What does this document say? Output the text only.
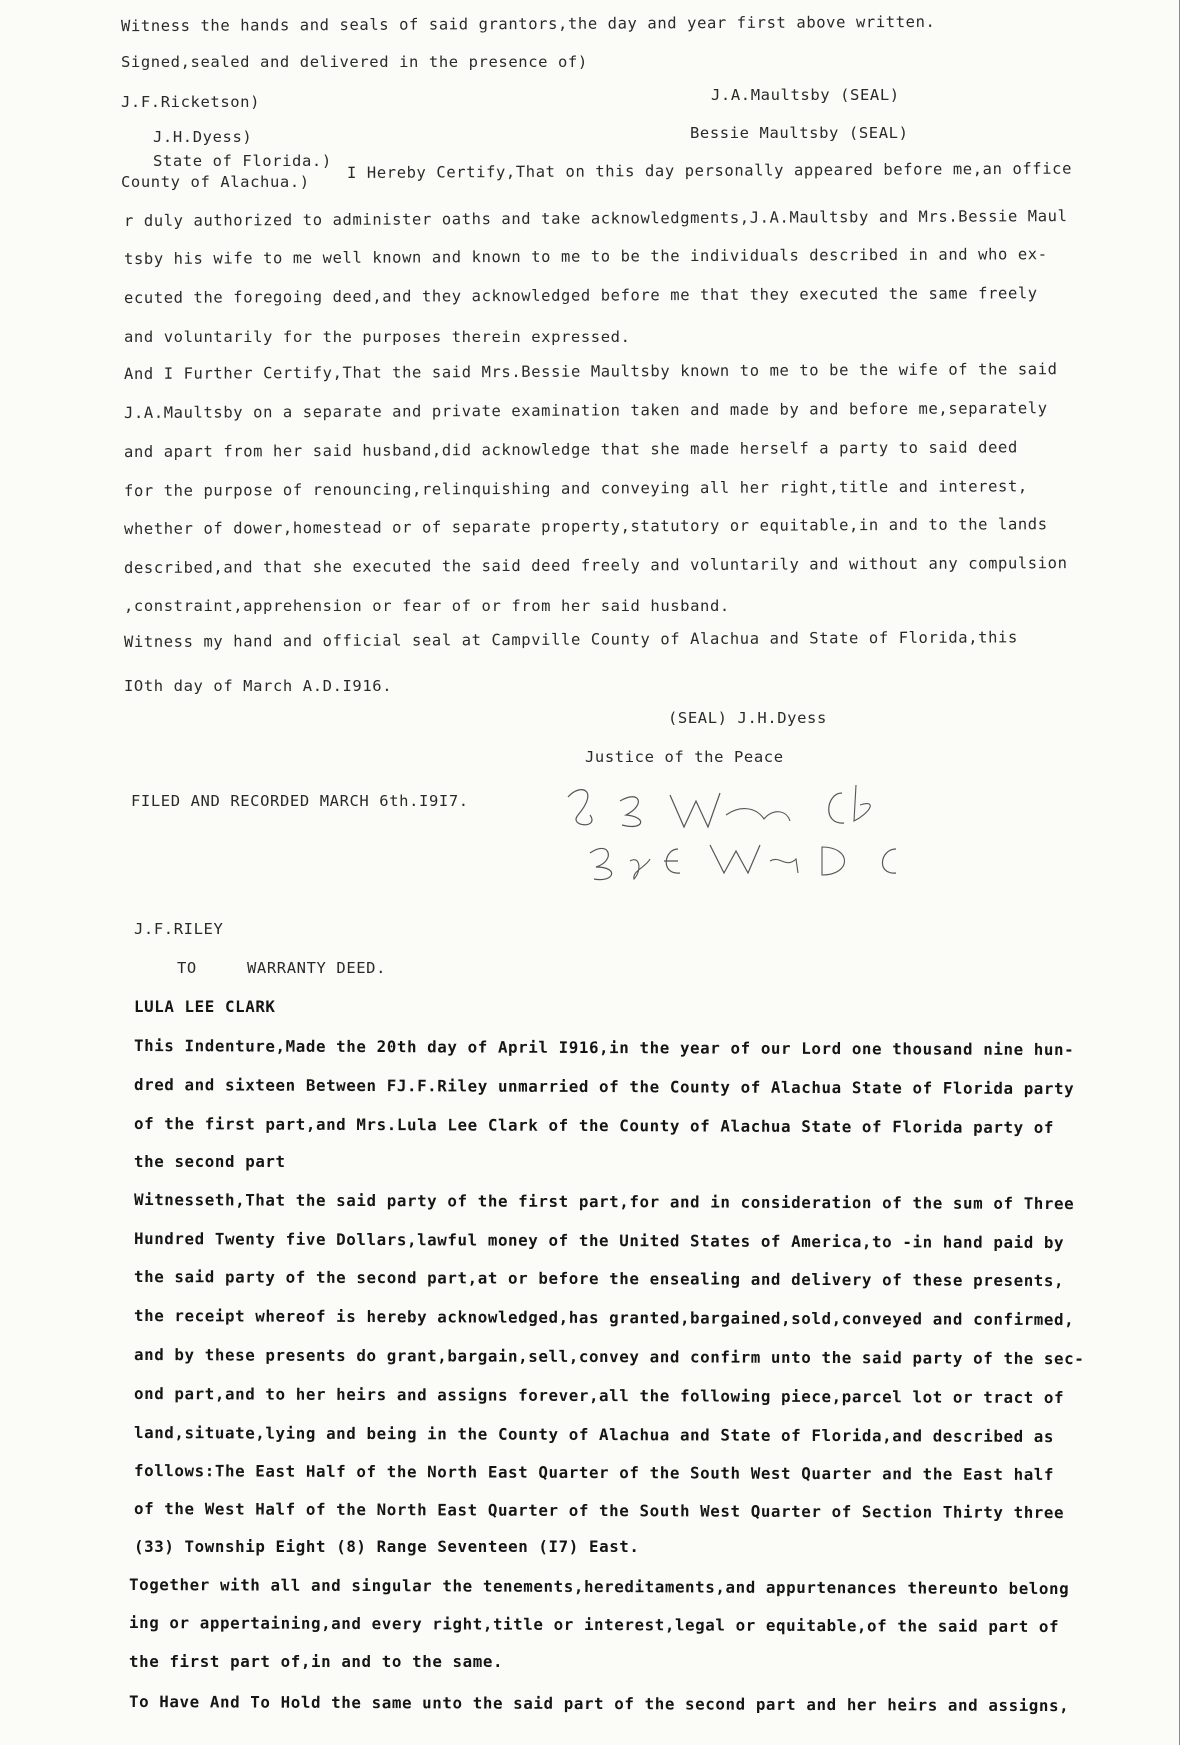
Witness the hands and seals of said grantors,the day and year first above written.
Signed,sealed and delivered in the presence of)
J.F.Ricketson)	J.A.Maultsby (SEAL)
J.H.Dyess)	Bessie Maultsby (SEAL)
State of Florida.)
County of Alachua.)
I Hereby Certify,That on this day personally appeared before me,an office
r duly authorized to administer oaths and take acknowledgments,J.A.Maultsby and Mrs.Bessie Maul
tsby his wife to me well known and known to me to be the individuals described in and who ex-
ecuted the foregoing deed,and they acknowledged before me that they executed the same freely
and voluntarily for the purposes therein expressed.
And I Further Certify,That the said Mrs.Bessie Maultsby known to me to be the wife of the said
J.A.Maultsby on a separate and private examination taken and made by and before me,separately
and apart from her said husband,did acknowledge that she made herself a party to said deed
for the purpose of renouncing,relinquishing and conveying all her right,title and interest,
whether of dower,homestead or of separate property,statutory or equitable,in and to the lands
described,and that she executed the said deed freely and voluntarily and without any compulsion
,constraint,apprehension or fear of or from her said husband.
Witness my hand and official seal at Campville County of Alachua and State of Florida,this
IOth day of March A.D.I916.
(SEAL) J.H.Dyess
Justice of the Peace
FILED AND RECORDED MARCH 6th.I9I7.
J.F.RILEY
TO	WARRANTY DEED.
LULA LEE CLARK
This Indenture,Made the 20th day of April I916,in the year of our Lord one thousand nine hun-
dred and sixteen Between FJ.F.Riley unmarried of the County of Alachua State of Florida party
of the first part,and Mrs.Lula Lee Clark of the County of Alachua State of Florida party of
the second part
Witnesseth,That the said party of the first part,for and in consideration of the sum of Three
Hundred Twenty five Dollars,lawful money of the United States of America,to -in hand paid by
the said party of the second part,at or before the ensealing and delivery of these presents,
the receipt whereof is hereby acknowledged,has granted,bargained,sold,conveyed and confirmed,
and by these presents do grant,bargain,sell,convey and confirm unto the said party of the sec-
ond part,and to her heirs and assigns forever,all the following piece,parcel lot or tract of
land,situate,lying and being in the County of Alachua and State of Florida,and described as
follows:The East Half of the North East Quarter of the South West Quarter and the East half
of the West Half of the North East Quarter of the South West Quarter of Section Thirty three
(33) Township Eight (8) Range Seventeen (I7) East.
Together with all and singular the tenements,hereditaments,and appurtenances thereunto belong
ing or appertaining,and every right,title or interest,legal or equitable,of the said part of
the first part of,in and to the same.
To Have And To Hold the same unto the said part of the second part and her heirs and assigns,
